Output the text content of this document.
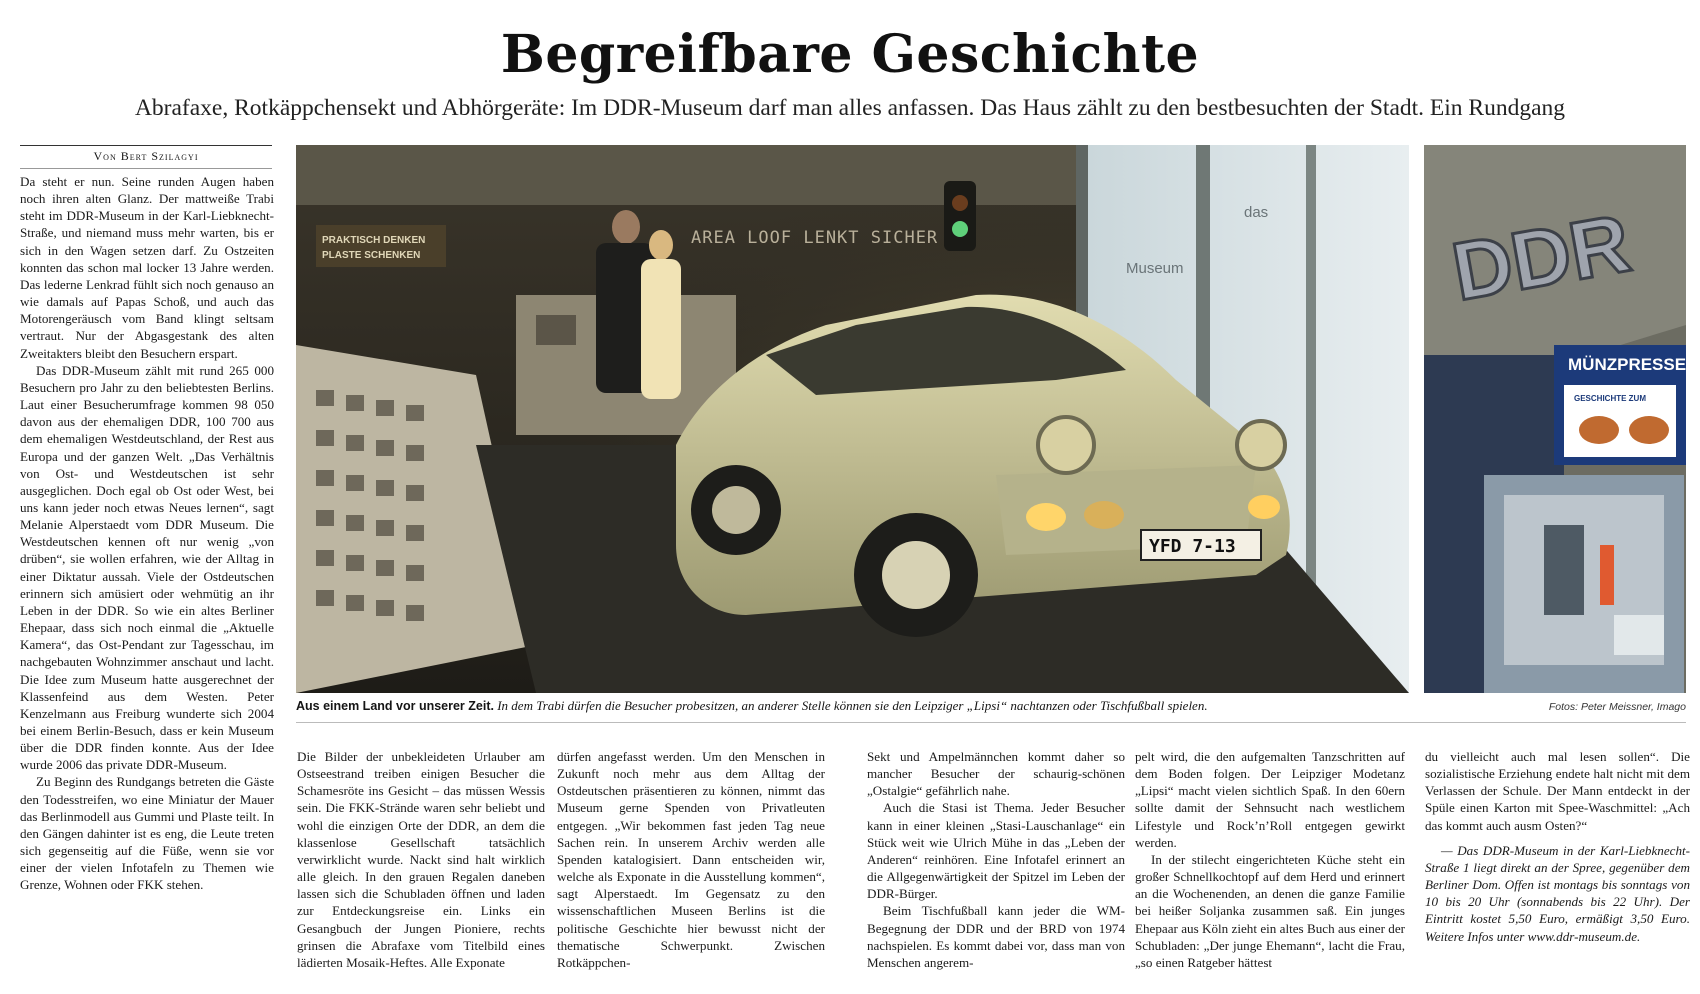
Begreifbare Geschichte
Abrafaxe, Rotkäppchensekt und Abhörgeräte: Im DDR-Museum darf man alles anfassen. Das Haus zählt zu den bestbesuchten der Stadt. Ein Rundgang
Von Bert Szilagyi
das
Museum
AREA LOOF LENKT SICHER
PRAKTISCH DENKEN
PLASTE SCHENKEN
YFD 7-13
DDR
MÜNZPRESSE
GESCHICHTE ZUM
Aus einem Land vor unserer Zeit. In dem Trabi dürfen die Besucher probesitzen, an anderer Stelle können sie den Leipziger „Lipsi“ nachtanzen oder Tischfußball spielen.	Fotos: Peter Meissner, Imago

Da steht er nun. Seine runden Augen haben noch ihren alten Glanz. Der mattweiße Trabi steht im DDR-Museum in der Karl-Liebknecht-Straße, und niemand muss mehr warten, bis er sich in den Wagen setzen darf. Zu Ostzeiten konnten das schon mal locker 13 Jahre werden. Das lederne Lenkrad fühlt sich noch genauso an wie damals auf Papas Schoß, und auch das Motorengeräusch vom Band klingt seltsam vertraut. Nur der Abgasgestank des alten Zweitakters bleibt den Besuchern erspart.

Das DDR-Museum zählt mit rund 265 000 Besuchern pro Jahr zu den beliebtesten Berlins. Laut einer Besucherumfrage kommen 98 050 davon aus der ehemaligen DDR, 100 700 aus dem ehemaligen Westdeutschland, der Rest aus Europa und der ganzen Welt. „Das Verhältnis von Ost- und Westdeutschen ist sehr ausgeglichen. Doch egal ob Ost oder West, bei uns kann jeder noch etwas Neues lernen“, sagt Melanie Alperstaedt vom DDR Museum. Die Westdeutschen kennen oft nur wenig „von drüben“, sie wollen erfahren, wie der Alltag in einer Diktatur aussah. Viele der Ostdeutschen erinnern sich amüsiert oder wehmütig an ihr Leben in der DDR. So wie ein altes Berliner Ehepaar, dass sich noch einmal die „Aktuelle Kamera“, das Ost-Pendant zur Tagesschau, im nachgebauten Wohnzimmer anschaut und lacht. Die Idee zum Museum hatte ausgerechnet der Klassenfeind aus dem Westen. Peter Kenzelmann aus Freiburg wunderte sich 2004 bei einem Berlin-Besuch, dass er kein Museum über die DDR finden konnte. Aus der Idee wurde 2006 das private DDR-Museum.

Zu Beginn des Rundgangs betreten die Gäste den Todesstreifen, wo eine Miniatur der Mauer das Berlinmodell aus Gummi und Plaste teilt. In den Gängen dahinter ist es eng, die Leute treten sich gegenseitig auf die Füße, wenn sie vor einer der vielen Infotafeln zu Themen wie Grenze, Wohnen oder FKK stehen.

Die Bilder der unbekleideten Urlauber am Ostseestrand treiben einigen Besucher die Schamesröte ins Gesicht – das müssen Wessis sein. Die FKK-Strände waren sehr beliebt und wohl die einzigen Orte der DDR, an dem die klassenlose Gesellschaft tatsächlich verwirklicht wurde. Nackt sind halt wirklich alle gleich. In den grauen Regalen daneben lassen sich die Schubladen öffnen und laden zur Entdeckungsreise ein. Links ein Gesangbuch der Jungen Pioniere, rechts grinsen die Abrafaxe vom Titelbild eines lädierten Mosaik-Heftes. Alle Exponate

dürfen angefasst werden. Um den Menschen in Zukunft noch mehr aus dem Alltag der Ostdeutschen präsentieren zu können, nimmt das Museum gerne Spenden von Privatleuten entgegen. „Wir bekommen fast jeden Tag neue Sachen rein. In unserem Archiv werden alle Spenden katalogisiert. Dann entscheiden wir, welche als Exponate in die Ausstellung kommen“, sagt Alperstaedt. Im Gegensatz zu den wissenschaftlichen Museen Berlins ist die politische Geschichte hier bewusst nicht der thematische Schwerpunkt. Zwischen Rotkäppchen-

Sekt und Ampelmännchen kommt daher so mancher Besucher der schaurig-schönen „Ostalgie“ gefährlich nahe.

Auch die Stasi ist Thema. Jeder Besucher kann in einer kleinen „Stasi-Lauschanlage“ ein Stück weit wie Ulrich Mühe in das „Leben der Anderen“ reinhören. Eine Infotafel erinnert an die Allgegenwärtigkeit der Spitzel im Leben der DDR-Bürger.

Beim Tischfußball kann jeder die WM-Begegnung der DDR und der BRD von 1974 nachspielen. Es kommt dabei vor, dass man von Menschen angerem-

pelt wird, die den aufgemalten Tanzschritten auf dem Boden folgen. Der Leipziger Modetanz „Lipsi“ macht vielen sichtlich Spaß. In den 60ern sollte damit der Sehnsucht nach westlichem Lifestyle und Rock’n’Roll entgegen gewirkt werden.

In der stilecht eingerichteten Küche steht ein großer Schnellkochtopf auf dem Herd und erinnert an die Wochenenden, an denen die ganze Familie bei heißer Soljanka zusammen saß. Ein junges Ehepaar aus Köln zieht ein altes Buch aus einer der Schubladen: „Der junge Ehemann“, lacht die Frau, „so einen Ratgeber hättest

du vielleicht auch mal lesen sollen“. Die sozialistische Erziehung endete halt nicht mit dem Verlassen der Schule. Der Mann entdeckt in der Spüle einen Karton mit Spee-Waschmittel: „Ach das kommt auch ausm Osten?“

— Das DDR-Museum in der Karl-Liebknecht-Straße 1 liegt direkt an der Spree, gegenüber dem Berliner Dom. Offen ist montags bis sonntags von 10 bis 20 Uhr (sonnabends bis 22 Uhr). Der Eintritt kostet 5,50 Euro, ermäßigt 3,50 Euro. Weitere Infos unter www.ddr-museum.de.
